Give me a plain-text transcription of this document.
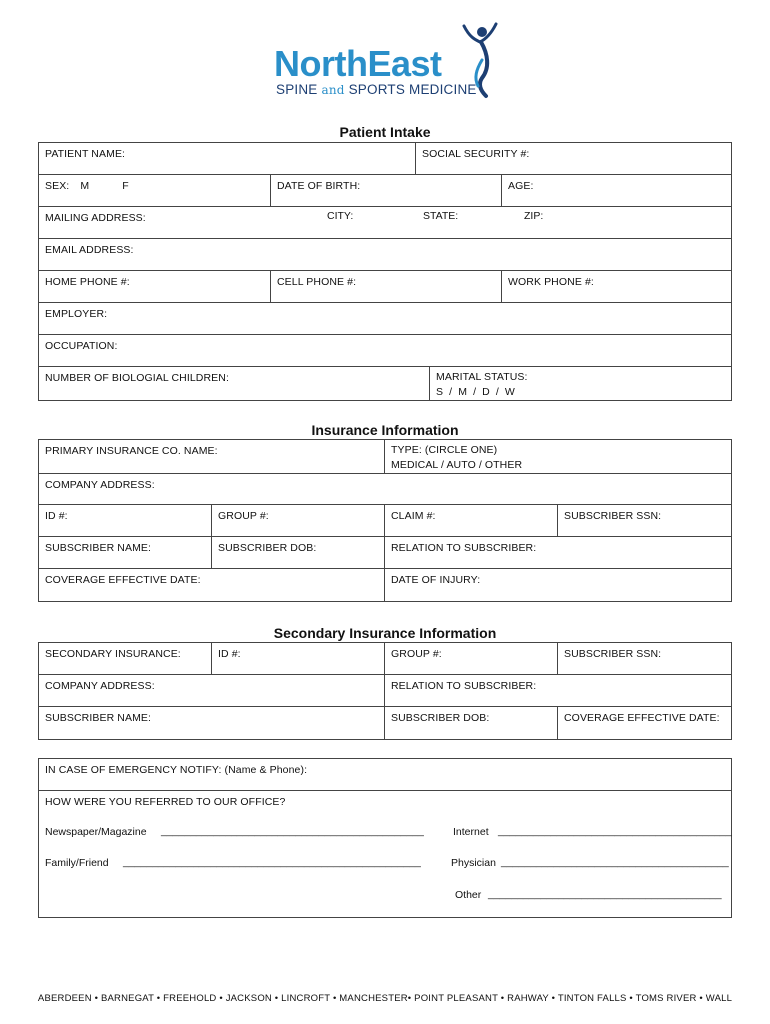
NorthEast
SPINE and SPORTS MEDICINE
Patient Intake
PATIENT NAME:	SOCIAL SECURITY #:
SEX: M	F	DATE OF BIRTH:	AGE:
MAILING ADDRESS:	CITY:	STATE:	ZIP:
EMAIL ADDRESS:
HOME PHONE #:	CELL PHONE #:	WORK PHONE #:
EMPLOYER:
OCCUPATION:
NUMBER OF BIOLOGIAL CHILDREN:	MARITAL STATUS:
S  /  M  /  D  /  W
Insurance Information
PRIMARY INSURANCE CO. NAME:	TYPE: (CIRCLE ONE)
MEDICAL / AUTO / OTHER
COMPANY ADDRESS:
ID #:	GROUP #:	CLAIM #:	SUBSCRIBER SSN:
SUBSCRIBER NAME:	SUBSCRIBER DOB:	RELATION TO SUBSCRIBER:
COVERAGE EFFECTIVE DATE:	DATE OF INJURY:
Secondary Insurance Information
SECONDARY INSURANCE:	ID #:	GROUP #:	SUBSCRIBER SSN:
COMPANY ADDRESS:	RELATION TO SUBSCRIBER:
SUBSCRIBER NAME:	SUBSCRIBER DOB:	COVERAGE EFFECTIVE DATE:
IN CASE OF EMERGENCY NOTIFY: (Name & Phone):
HOW WERE YOU REFERRED TO OUR OFFICE?
Newspaper/Magazine _____________________________________________	Internet ________________________________________
Family/Friend ___________________________________________________	Physician _______________________________________
Other ________________________________________
ABERDEEN • BARNEGAT • FREEHOLD • JACKSON • LINCROFT • MANCHESTER• POINT PLEASANT • RAHWAY • TINTON FALLS • TOMS RIVER • WALL
